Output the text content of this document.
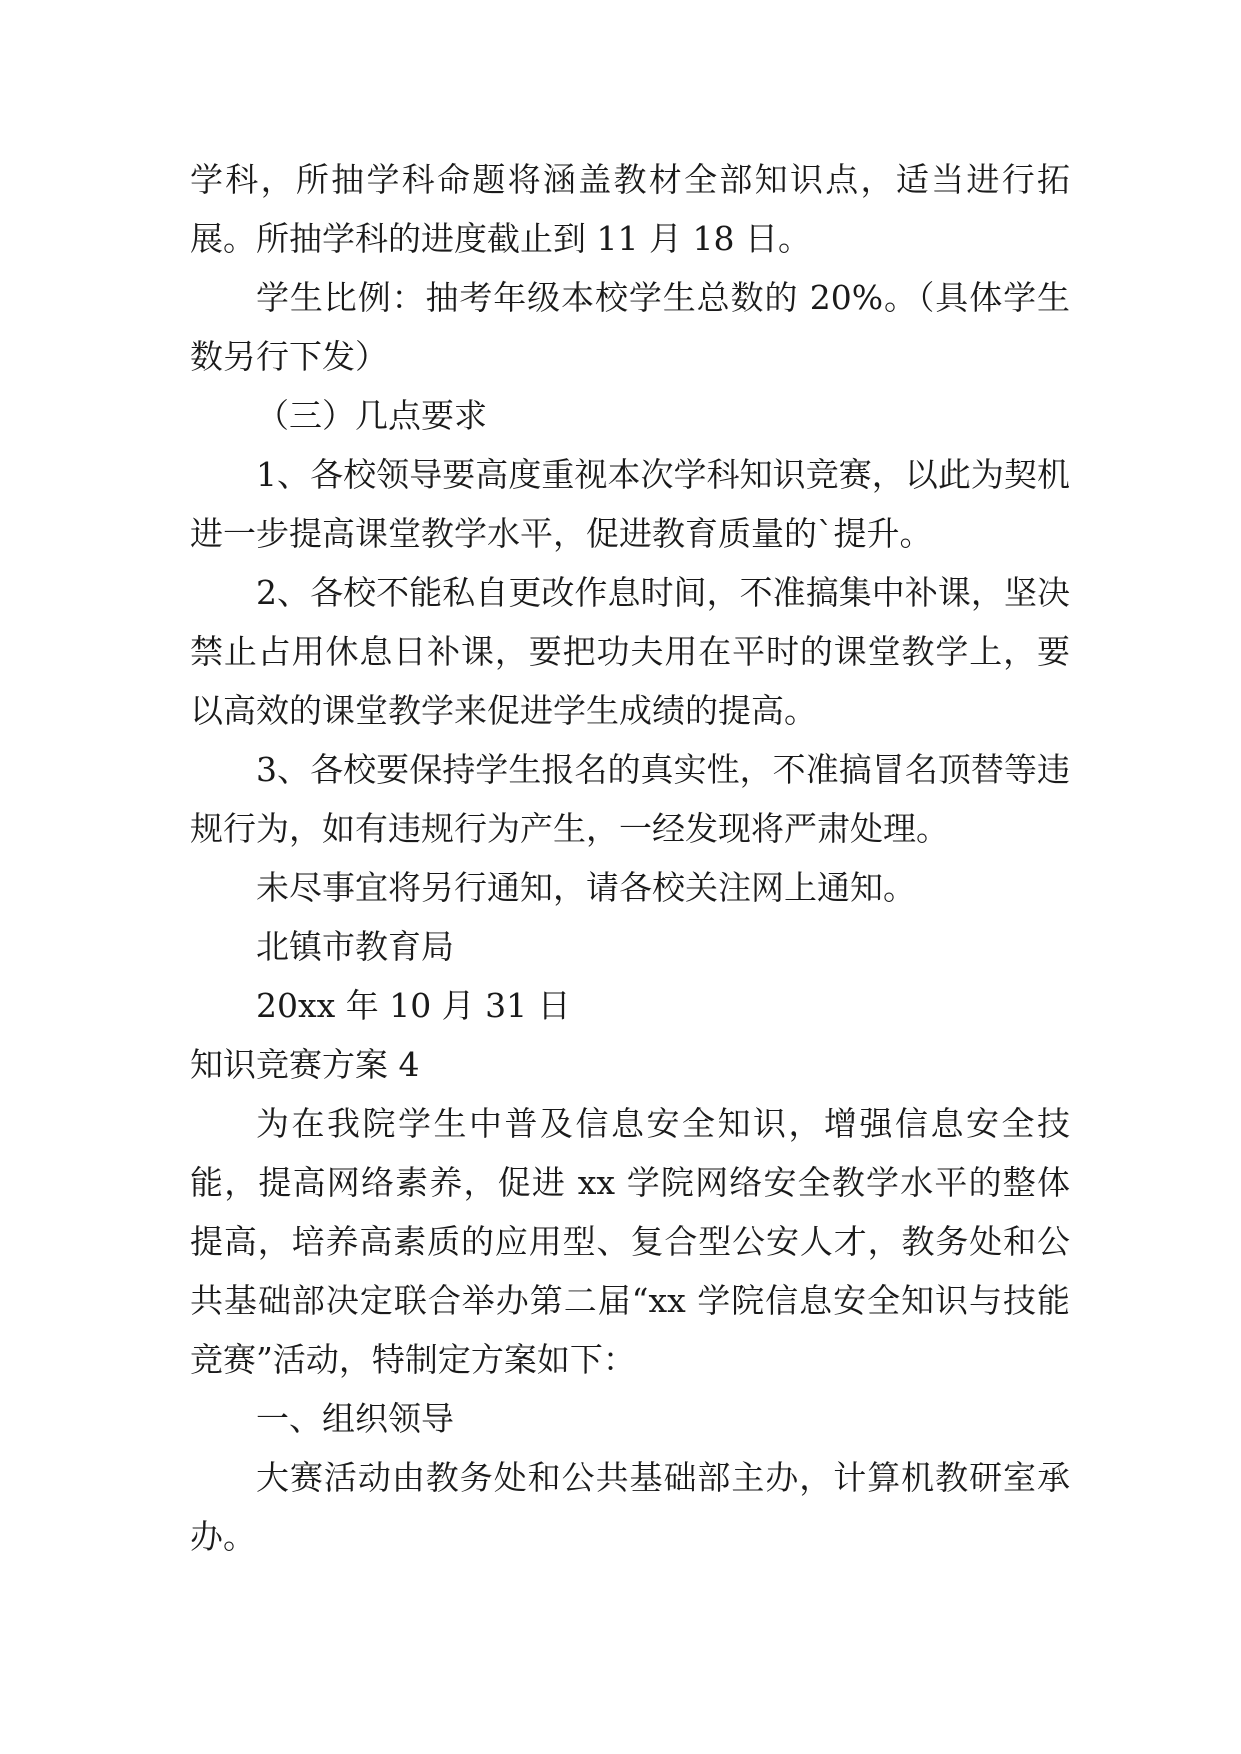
学科，所抽学科命题将涵盖教材全部知识点，适当进行拓展。所抽学科的进度截止到 11 月 18 日。

学生比例：抽考年级本校学生总数的 20%。（具体学生数另行下发）

（三）几点要求

1、各校领导要高度重视本次学科知识竞赛，以此为契机进一步提高课堂教学水平，促进教育质量的`提升。

2、各校不能私自更改作息时间，不准搞集中补课，坚决禁止占用休息日补课，要把功夫用在平时的课堂教学上，要以高效的课堂教学来促进学生成绩的提高。

3、各校要保持学生报名的真实性，不准搞冒名顶替等违规行为，如有违规行为产生，一经发现将严肃处理。

未尽事宜将另行通知，请各校关注网上通知。

北镇市教育局

20xx 年 10 月 31 日

知识竞赛方案 4

为在我院学生中普及信息安全知识，增强信息安全技能，提高网络素养，促进 xx 学院网络安全教学水平的整体提高，培养高素质的应用型、复合型公安人才，教务处和公共基础部决定联合举办第二届“xx 学院信息安全知识与技能竞赛”活动，特制定方案如下：

一、组织领导

大赛活动由教务处和公共基础部主办，计算机教研室承办。
